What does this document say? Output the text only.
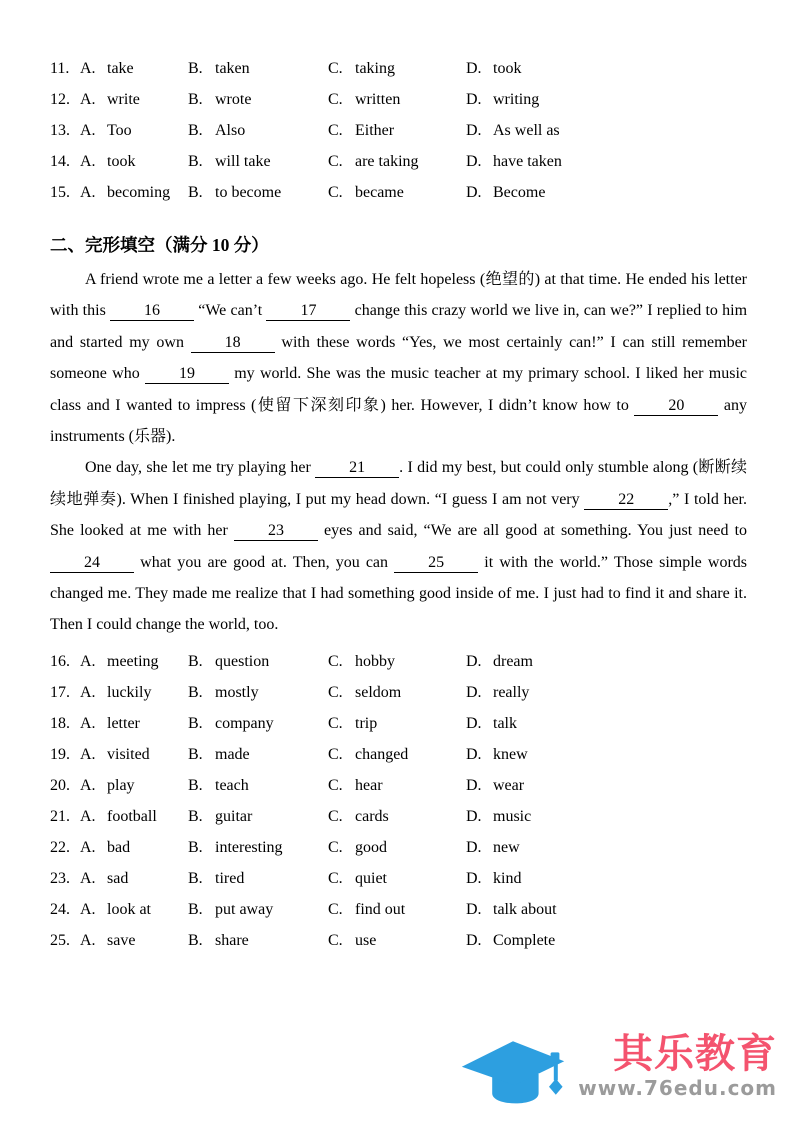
11. A. take	B. taken	C. taking	D. took
12. A. write	B. wrote	C. written	D. writing
13. A. Too	B. Also	C. Either	D. As well as
14. A. took	B. will take	C. are taking	D. have taken
15. A. becoming	B. to become	C. became	D. Become
二、完形填空（满分 10 分）

A friend wrote me a letter a few weeks ago. He felt hopeless (绝望的) at that time. He ended his letter with this 16 “We can’t 17 change this crazy world we live in, can we?” I replied to him and started my own 18 with these words “Yes, we most certainly can!” I can still remember someone who 19 my world. She was the music teacher at my primary school. I liked her music class and I wanted to impress (使留下深刻印象) her. However, I didn’t know how to 20 any instruments (乐器).

One day, she let me try playing her 21 . I did my best, but could only stumble along (断断续续地弹奏). When I finished playing, I put my head down. “I guess I am not very 22 ,” I told her. She looked at me with her 23 eyes and said, “We are all good at something. You just need to 24 what you are good at. Then, you can 25 it with the world.” Those simple words changed me. They made me realize that I had something good inside of me. I just had to find it and share it. Then I could change the world, too.

16. A. meeting	B. question	C. hobby	D. dream
17. A. luckily	B. mostly	C. seldom	D. really
18. A. letter	B. company	C. trip	D. talk
19. A. visited	B. made	C. changed	D. knew
20. A. play	B. teach	C. hear	D. wear
21. A. football	B. guitar	C. cards	D. music
22. A. bad	B. interesting	C. good	D. new
23. A. sad	B. tired	C. quiet	D. kind
24. A. look at	B. put away	C. find out	D. talk about
25. A. save	B. share	C. use	D. Complete
其乐教育
www.76edu.com
